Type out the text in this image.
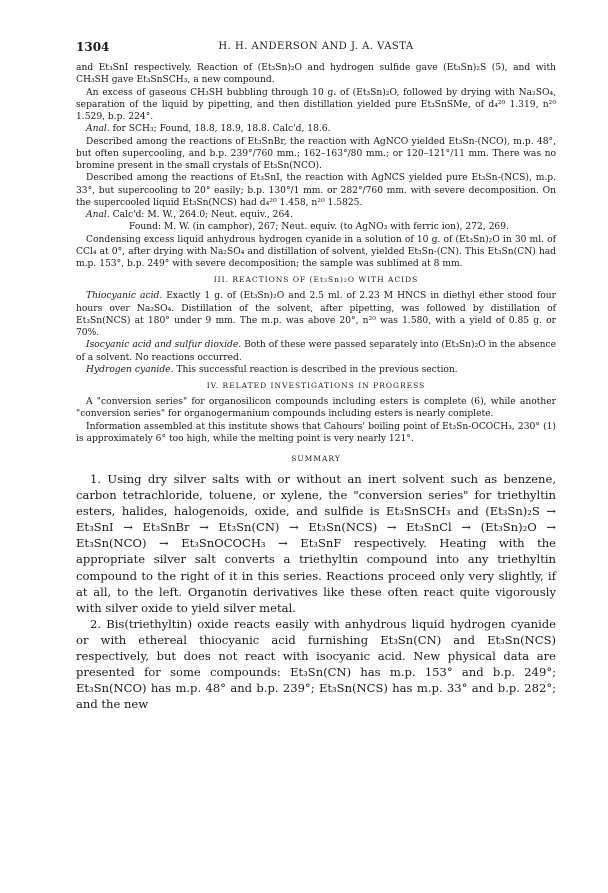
1304	H. H. ANDERSON AND J. A. VASTA

and Et₃SnI respectively. Reaction of (Et₃Sn)₂O and hydrogen sulfide gave (Et₃Sn)₂S (5), and with CH₃SH gave Et₃SnSCH₃, a new compound.

An excess of gaseous CH₃SH bubbling through 10 g. of (Et₃Sn)₂O, followed by drying with Na₂SO₄, separation of the liquid by pipetting, and then distillation yielded pure Et₃SnSMe, of d₄²⁰ 1.319, n²⁰ 1.529, b.p. 224°.

Anal. for SCH₃; Found, 18.8, 18.9, 18.8. Calc'd, 18.6.

Described among the reactions of Et₃SnBr, the reaction with AgNCO yielded Et₃Sn-(NCO), m.p. 48°, but often supercooling, and b.p. 239°/760 mm.; 162–163°/80 mm.; or 120–121°/11 mm. There was no bromine present in the small crystals of Et₃Sn(NCO).

Described among the reactions of Et₃SnI, the reaction with AgNCS yielded pure Et₃Sn-(NCS), m.p. 33°, but supercooling to 20° easily; b.p. 130°/1 mm. or 282°/760 mm. with severe decomposition. On the supercooled liquid Et₃Sn(NCS) had d₄²⁰ 1.458, n²⁰ 1.5825.

Anal. Calc'd: M. W., 264.0; Neut. equiv., 264.

Found: M. W. (in camphor), 267; Neut. equiv. (to AgNO₃ with ferric ion), 272, 269.

Condensing excess liquid anhydrous hydrogen cyanide in a solution of 10 g. of (Et₃Sn)₂O in 30 ml. of CCl₄ at 0°, after drying with Na₂SO₄ and distillation of solvent, yielded Et₃Sn-(CN). This Et₃Sn(CN) had m.p. 153°, b.p. 249° with severe decomposition; the sample was sublimed at 8 mm.

III. REACTIONS OF (Et₃Sn)₂O WITH ACIDS

Thiocyanic acid. Exactly 1 g. of (Et₃Sn)₂O and 2.5 ml. of 2.23 M HNCS in diethyl ether stood four hours over Na₂SO₄. Distillation of the solvent, after pipetting, was followed by distillation of Et₃Sn(NCS) at 180° under 9 mm. The m.p. was above 20°, n²⁰ was 1.580, with a yield of 0.85 g. or 70%.

Isocyanic acid and sulfur dioxide. Both of these were passed separately into (Et₃Sn)₂O in the absence of a solvent. No reactions occurred.

Hydrogen cyanide. This successful reaction is described in the previous section.

IV. RELATED INVESTIGATIONS IN PROGRESS

A "conversion series" for organosilicon compounds including esters is complete (6), while another "conversion series" for organogermanium compounds including esters is nearly complete.

Information assembled at this institute shows that Cahours' boiling point of Et₃Sn-OCOCH₃, 230° (1) is approximately 6° too high, while the melting point is very nearly 121°.

SUMMARY

1. Using dry silver salts with or without an inert solvent such as benzene, carbon tetrachloride, toluene, or xylene, the "conversion series" for triethyltin esters, halides, halogenoids, oxide, and sulfide is Et₃SnSCH₃ and (Et₃Sn)₂S → Et₃SnI → Et₃SnBr → Et₃Sn(CN) → Et₃Sn(NCS) → Et₃SnCl → (Et₃Sn)₂O → Et₃Sn(NCO) → Et₃SnOCOCH₃ → Et₃SnF respectively. Heating with the appropriate silver salt converts a triethyltin compound into any triethyltin compound to the right of it in this series. Reactions proceed only very slightly, if at all, to the left. Organotin derivatives like these often react quite vigorously with silver oxide to yield silver metal.

2. Bis(triethyltin) oxide reacts easily with anhydrous liquid hydrogen cyanide or with ethereal thiocyanic acid furnishing Et₃Sn(CN) and Et₃Sn(NCS) respectively, but does not react with isocyanic acid. New physical data are presented for some compounds: Et₃Sn(CN) has m.p. 153° and b.p. 249°; Et₃Sn(NCO) has m.p. 48° and b.p. 239°; Et₃Sn(NCS) has m.p. 33° and b.p. 282°; and the new
